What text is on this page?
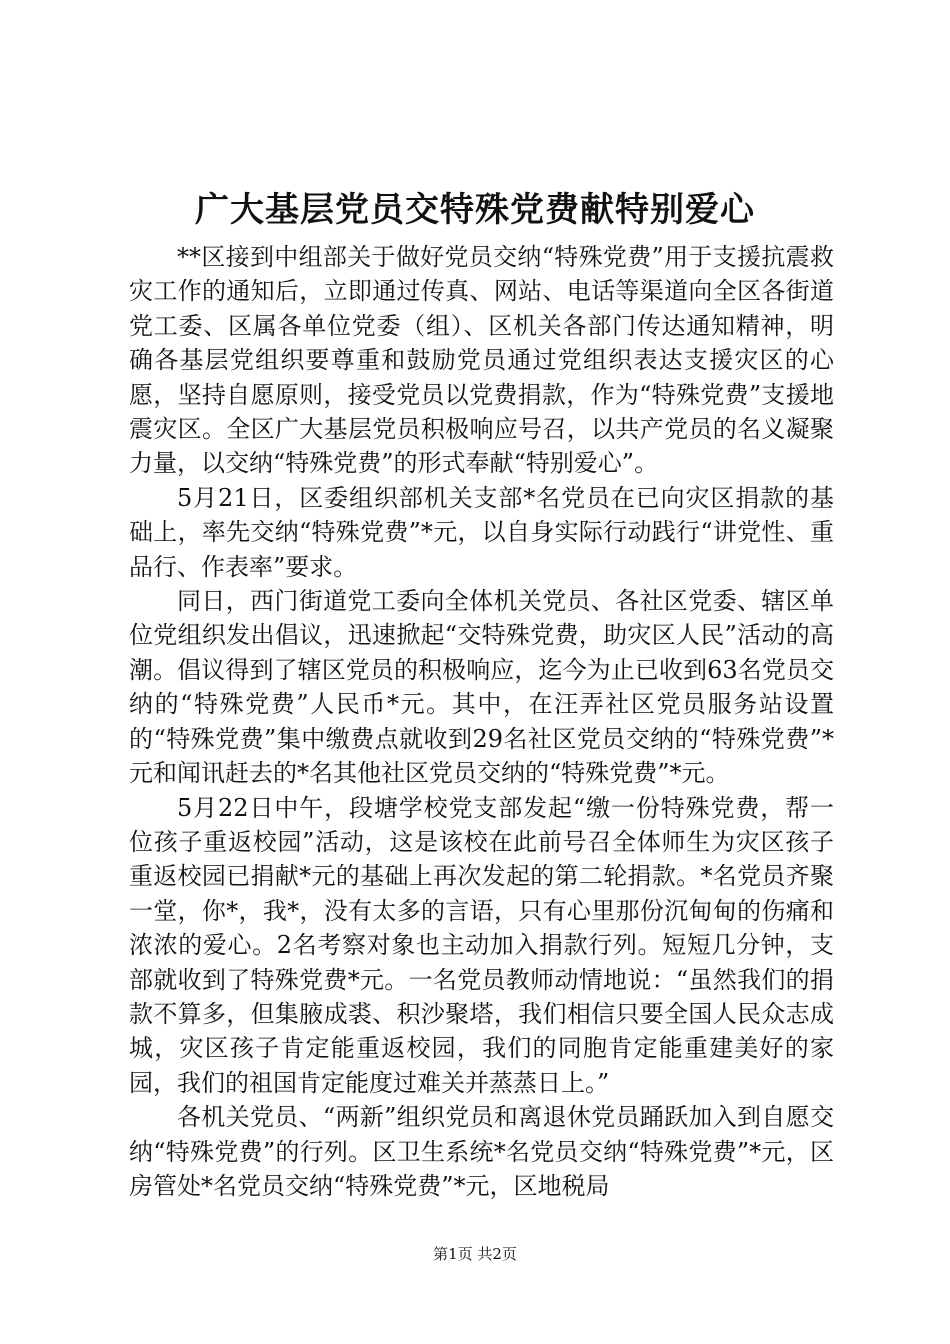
广大基层党员交特殊党费献特别爱心

**区接到中组部关于做好党员交纳“特殊党费”用于支援抗震救灾工作的通知后，立即通过传真、网站、电话等渠道向全区各街道党工委、区属各单位党委（组）、区机关各部门传达通知精神，明确各基层党组织要尊重和鼓励党员通过党组织表达支援灾区的心愿，坚持自愿原则，接受党员以党费捐款，作为“特殊党费”支援地震灾区。全区广大基层党员积极响应号召，以共产党员的名义凝聚力量，以交纳“特殊党费”的形式奉献“特别爱心”。

5月21日，区委组织部机关支部*名党员在已向灾区捐款的基础上，率先交纳“特殊党费”*元，以自身实际行动践行“讲党性、重品行、作表率”要求。

同日，西门街道党工委向全体机关党员、各社区党委、辖区单位党组织发出倡议，迅速掀起“交特殊党费，助灾区人民”活动的高潮。倡议得到了辖区党员的积极响应，迄今为止已收到63名党员交纳的“特殊党费”人民币*元。其中，在汪弄社区党员服务站设置的“特殊党费”集中缴费点就收到29名社区党员交纳的“特殊党费”*元和闻讯赶去的*名其他社区党员交纳的“特殊党费”*元。

5月22日中午，段塘学校党支部发起“缴一份特殊党费，帮一位孩子重返校园”活动，这是该校在此前号召全体师生为灾区孩子重返校园已捐献*元的基础上再次发起的第二轮捐款。*名党员齐聚一堂，你*，我*，没有太多的言语，只有心里那份沉甸甸的伤痛和浓浓的爱心。2名考察对象也主动加入捐款行列。短短几分钟，支部就收到了特殊党费*元。一名党员教师动情地说：“虽然我们的捐款不算多，但集腋成裘、积沙聚塔，我们相信只要全国人民众志成城，灾区孩子肯定能重返校园，我们的同胞肯定能重建美好的家园，我们的祖国肯定能度过难关并蒸蒸日上。”

各机关党员、“两新”组织党员和离退休党员踊跃加入到自愿交纳“特殊党费”的行列。区卫生系统*名党员交纳“特殊党费”*元，区房管处*名党员交纳“特殊党费”*元，区地税局

第1页 共2页
